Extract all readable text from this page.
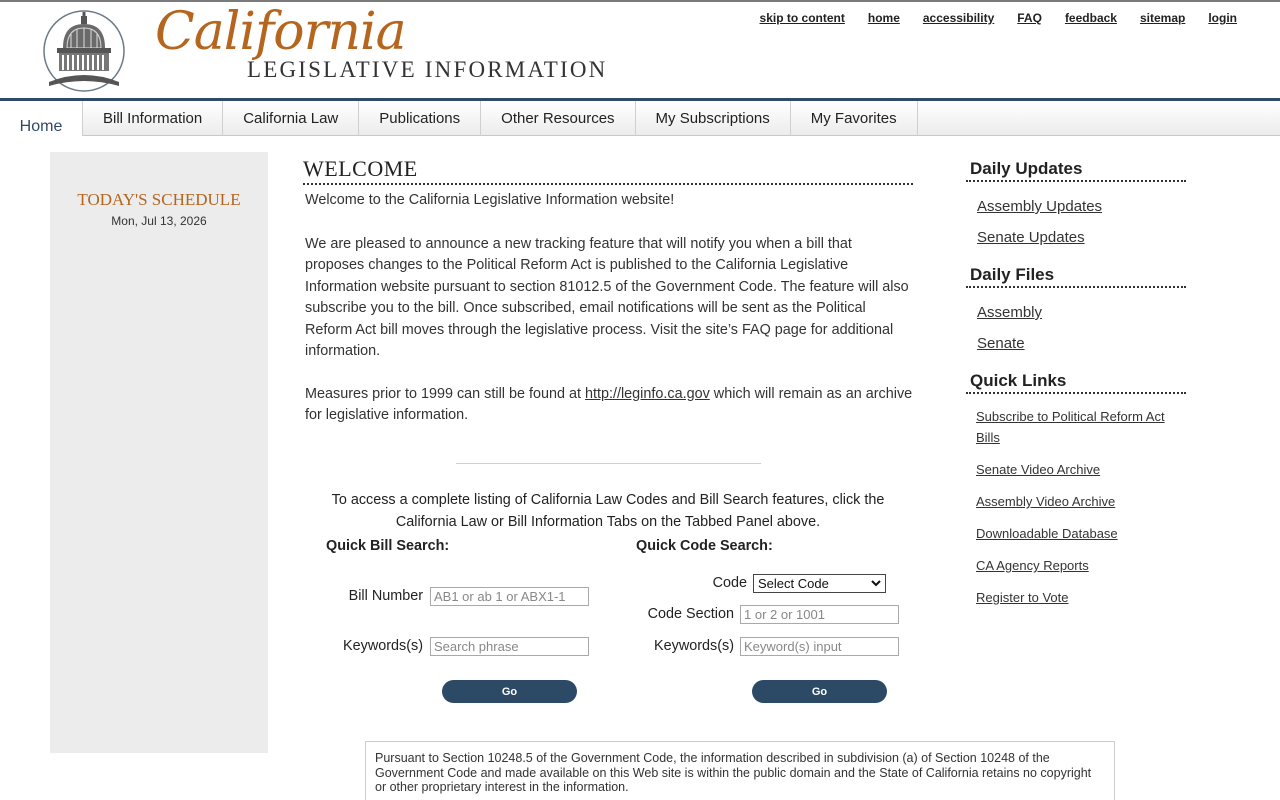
California
LEGISLATIVE INFORMATION
skip to content home accessibility FAQ feedback sitemap login
Home	Bill Information	California Law	Publications	Other Resources	My Subscriptions	My Favorites
TODAY'S SCHEDULE
Mon, Jul 13, 2026
WELCOME

Welcome to the California Legislative Information website!

We are pleased to announce a new tracking feature that will notify you when a bill that proposes changes to the Political Reform Act is published to the California Legislative Information website pursuant to section 81012.5 of the Government Code. The feature will also subscribe you to the bill. Once subscribed, email notifications will be sent as the Political Reform Act bill moves through the legislative process. Visit the site’s FAQ page for additional information.

Measures prior to 1999 can still be found at http://leginfo.ca.gov which will remain as an archive for legislative information.

To access a complete listing of California Law Codes and Bill Search features, click the California Law or Bill Information Tabs on the Tabbed Panel above.
Quick Bill Search:
Bill Number
AB1 or ab 1 or ABX1-1
Keywords(s)
Search phrase
Go
Quick Code Search:
Code Select Code
Code Section
1 or 2 or 1001
Keywords(s)
Keyword(s) input
Go
Daily Updates
Assembly Updates
Senate Updates
Daily Files
Assembly
Senate
Quick Links
Subscribe to Political Reform Act Bills
Senate Video Archive
Assembly Video Archive
Downloadable Database
CA Agency Reports
Register to Vote
Pursuant to Section 10248.5 of the Government Code, the information described in subdivision (a) of Section 10248 of the Government Code and made available on this Web site is within the public domain and the State of California retains no copyright or other proprietary interest in the information.
